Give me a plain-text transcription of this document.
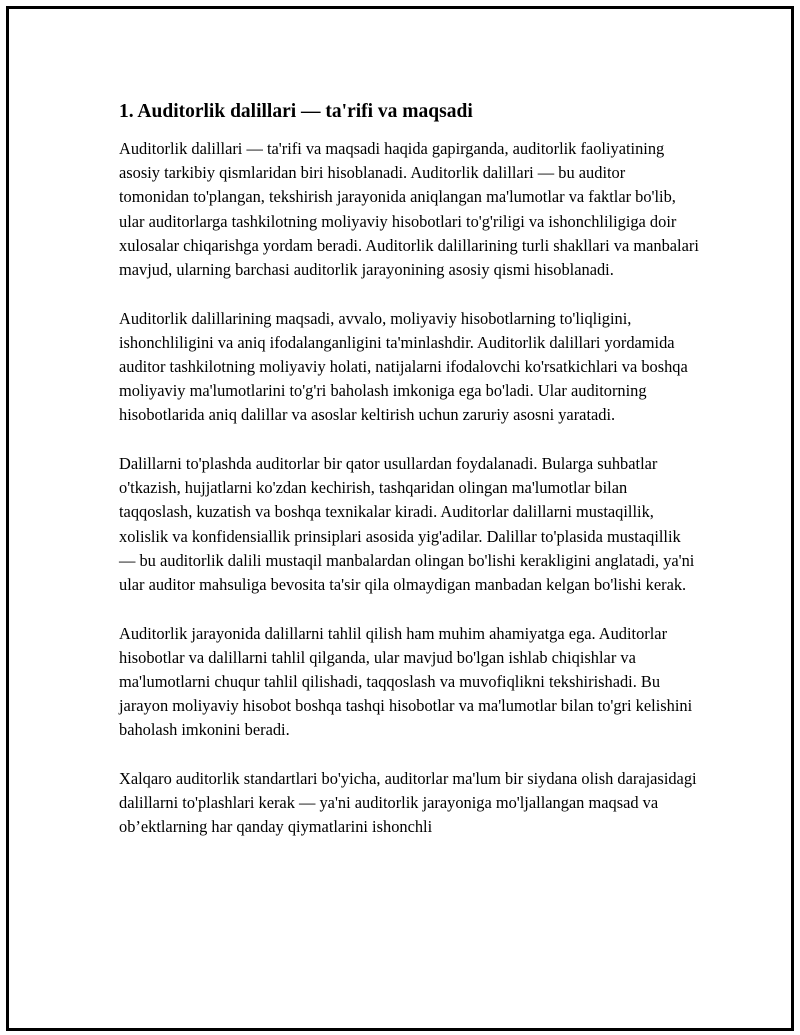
1. Auditorlik dalillari — ta'rifi va maqsadi

Auditorlik dalillari — ta'rifi va maqsadi haqida gapirganda, auditorlik faoliyatining asosiy tarkibiy qismlaridan biri hisoblanadi. Auditorlik dalillari — bu auditor tomonidan to'plangan, tekshirish jarayonida aniqlangan ma'lumotlar va faktlar bo'lib, ular auditorlarga tashkilotning moliyaviy hisobotlari to'g'riligi va ishonchliligiga doir xulosalar chiqarishga yordam beradi. Auditorlik dalillarining turli shakllari va manbalari mavjud, ularning barchasi auditorlik jarayonining asosiy qismi hisoblanadi.

Auditorlik dalillarining maqsadi, avvalo, moliyaviy hisobotlarning to'liqligini, ishonchliligini va aniq ifodalanganligini ta'minlashdir. Auditorlik dalillari yordamida auditor tashkilotning moliyaviy holati, natijalarni ifodalovchi ko'rsatkichlari va boshqa moliyaviy ma'lumotlarini to'g'ri baholash imkoniga ega bo'ladi. Ular auditorning hisobotlarida aniq dalillar va asoslar keltirish uchun zaruriy asosni yaratadi.

Dalillarni to'plashda auditorlar bir qator usullardan foydalanadi. Bularga suhbatlar o'tkazish, hujjatlarni ko'zdan kechirish, tashqaridan olingan ma'lumotlar bilan taqqoslash, kuzatish va boshqa texnikalar kiradi. Auditorlar dalillarni mustaqillik, xolislik va konfidensiallik prinsiplari asosida yig'adilar. Dalillar to'plasida mustaqillik — bu auditorlik dalili mustaqil manbalardan olingan bo'lishi kerakligini anglatadi, ya'ni ular auditor mahsuliga bevosita ta'sir qila olmaydigan manbadan kelgan bo'lishi kerak.

Auditorlik jarayonida dalillarni tahlil qilish ham muhim ahamiyatga ega. Auditorlar hisobotlar va dalillarni tahlil qilganda, ular mavjud bo'lgan ishlab chiqishlar va ma'lumotlarni chuqur tahlil qilishadi, taqqoslash va muvofiqlikni tekshirishadi. Bu jarayon moliyaviy hisobot boshqa tashqi hisobotlar va ma'lumotlar bilan to'gri kelishini baholash imkonini beradi.

Xalqaro auditorlik standartlari bo'yicha, auditorlar ma'lum bir siydana olish darajasidagi dalillarni to'plashlari kerak — ya'ni auditorlik jarayoniga mo'ljallangan maqsad va ob’ektlarning har qanday qiymatlarini ishonchli
